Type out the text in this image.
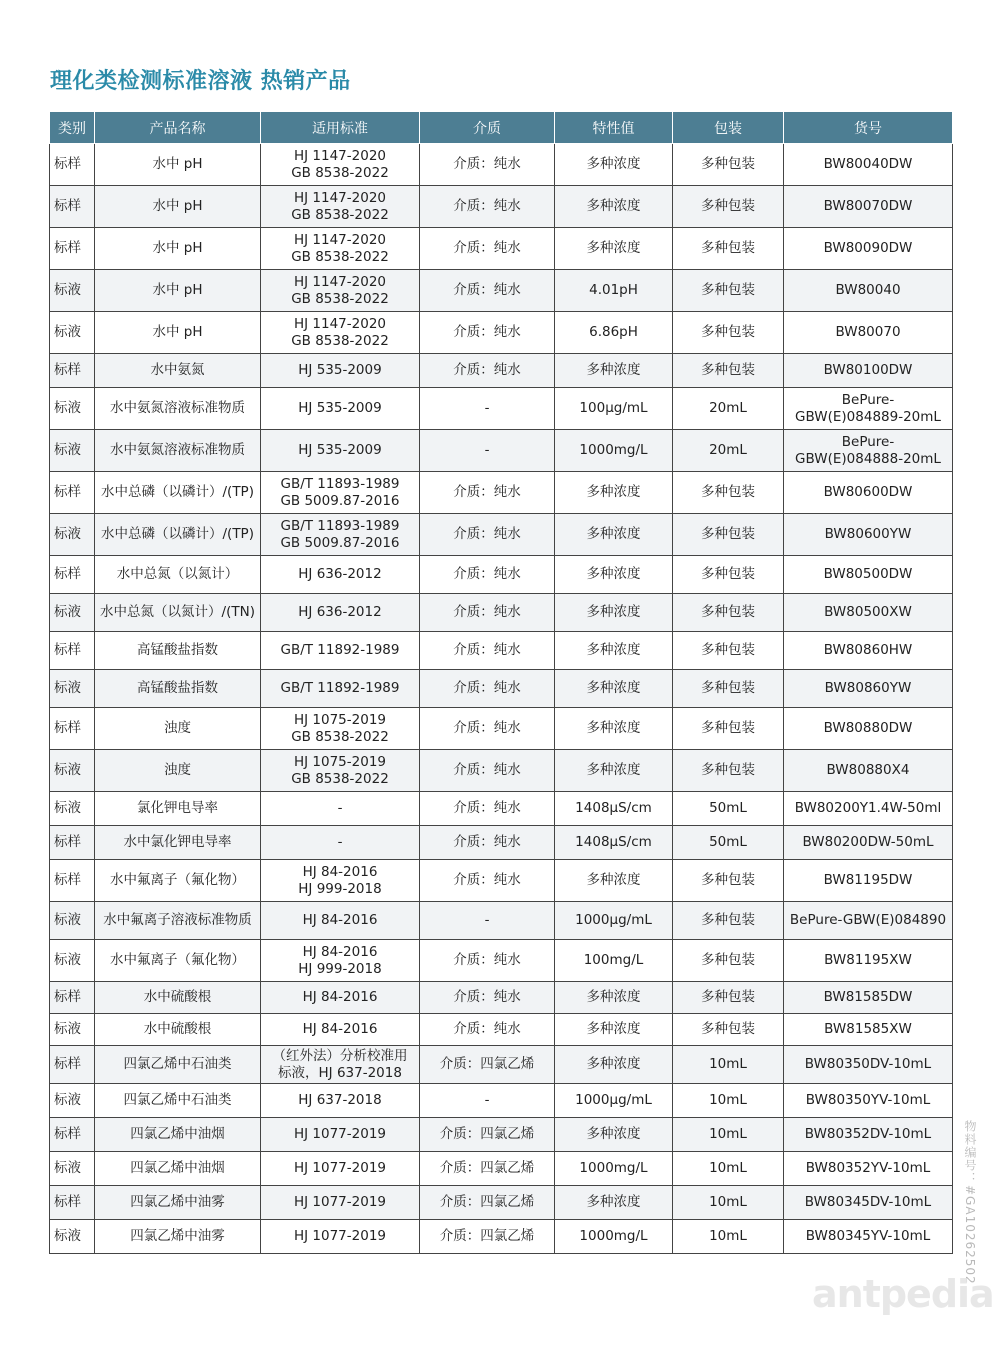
理化类检测标准溶液 热销产品
类别	产品名称	适用标准	介质	特性值	包装	货号
标样	水中 pH	HJ 1147-2020
GB 8538-2022	介质：纯水	多种浓度	多种包装	BW80040DW

标样	水中 pH	HJ 1147-2020
GB 8538-2022	介质：纯水	多种浓度	多种包装	BW80070DW

标样	水中 pH	HJ 1147-2020
GB 8538-2022	介质：纯水	多种浓度	多种包装	BW80090DW

标液	水中 pH	HJ 1147-2020
GB 8538-2022	介质：纯水	4.01pH	多种包装	BW80040

标液	水中 pH	HJ 1147-2020
GB 8538-2022	介质：纯水	6.86pH	多种包装	BW80070

标样	水中氨氮	HJ 535-2009	介质：纯水	多种浓度	多种包装	BW80100DW

标液	水中氨氮溶液标准物质	HJ 535-2009	-	100μg/mL	20mL	BePure-
GBW(E)084889-20mL

标液	水中氨氮溶液标准物质	HJ 535-2009	-	1000mg/L	20mL	BePure-
GBW(E)084888-20mL

标样	水中总磷（以磷计）/(TP)	GB/T 11893-1989
GB 5009.87-2016	介质：纯水	多种浓度	多种包装	BW80600DW

标液	水中总磷（以磷计）/(TP)	GB/T 11893-1989
GB 5009.87-2016	介质：纯水	多种浓度	多种包装	BW80600YW

标样	水中总氮（以氮计）	HJ 636-2012	介质：纯水	多种浓度	多种包装	BW80500DW

标液	水中总氮（以氮计）/(TN)	HJ 636-2012	介质：纯水	多种浓度	多种包装	BW80500XW

标样	高锰酸盐指数	GB/T 11892-1989	介质：纯水	多种浓度	多种包装	BW80860HW

标液	高锰酸盐指数	GB/T 11892-1989	介质：纯水	多种浓度	多种包装	BW80860YW

标样	浊度	HJ 1075-2019
GB 8538-2022	介质：纯水	多种浓度	多种包装	BW80880DW

标液	浊度	HJ 1075-2019
GB 8538-2022	介质：纯水	多种浓度	多种包装	BW80880X4

标液	氯化钾电导率	-	介质：纯水	1408μS/cm	50mL	BW80200Y1.4W-50ml

标样	水中氯化钾电导率	-	介质：纯水	1408μS/cm	50mL	BW80200DW-50mL

标样	水中氟离子（氟化物）	HJ 84-2016
HJ 999-2018	介质：纯水	多种浓度	多种包装	BW81195DW

标液	水中氟离子溶液标准物质	HJ 84-2016	-	1000μg/mL	多种包装	BePure-GBW(E)084890

标液	水中氟离子（氟化物）	HJ 84-2016
HJ 999-2018	介质：纯水	100mg/L	多种包装	BW81195XW

标样	水中硫酸根	HJ 84-2016	介质：纯水	多种浓度	多种包装	BW81585DW

标液	水中硫酸根	HJ 84-2016	介质：纯水	多种浓度	多种包装	BW81585XW

标样	四氯乙烯中石油类	（红外法）分析校准用
标液，HJ 637-2018	介质：四氯乙烯	多种浓度	10mL	BW80350DV-10mL

标液	四氯乙烯中石油类	HJ 637-2018	-	1000μg/mL	10mL	BW80350YV-10mL

标样	四氯乙烯中油烟	HJ 1077-2019	介质：四氯乙烯	多种浓度	10mL	BW80352DV-10mL

标液	四氯乙烯中油烟	HJ 1077-2019	介质：四氯乙烯	1000mg/L	10mL	BW80352YV-10mL

标样	四氯乙烯中油雾	HJ 1077-2019	介质：四氯乙烯	多种浓度	10mL	BW80345DV-10mL

标液	四氯乙烯中油雾	HJ 1077-2019	介质：四氯乙烯	1000mg/L	10mL	BW80345YV-10mL	物料编号：#GA1026250​2
antpedia
